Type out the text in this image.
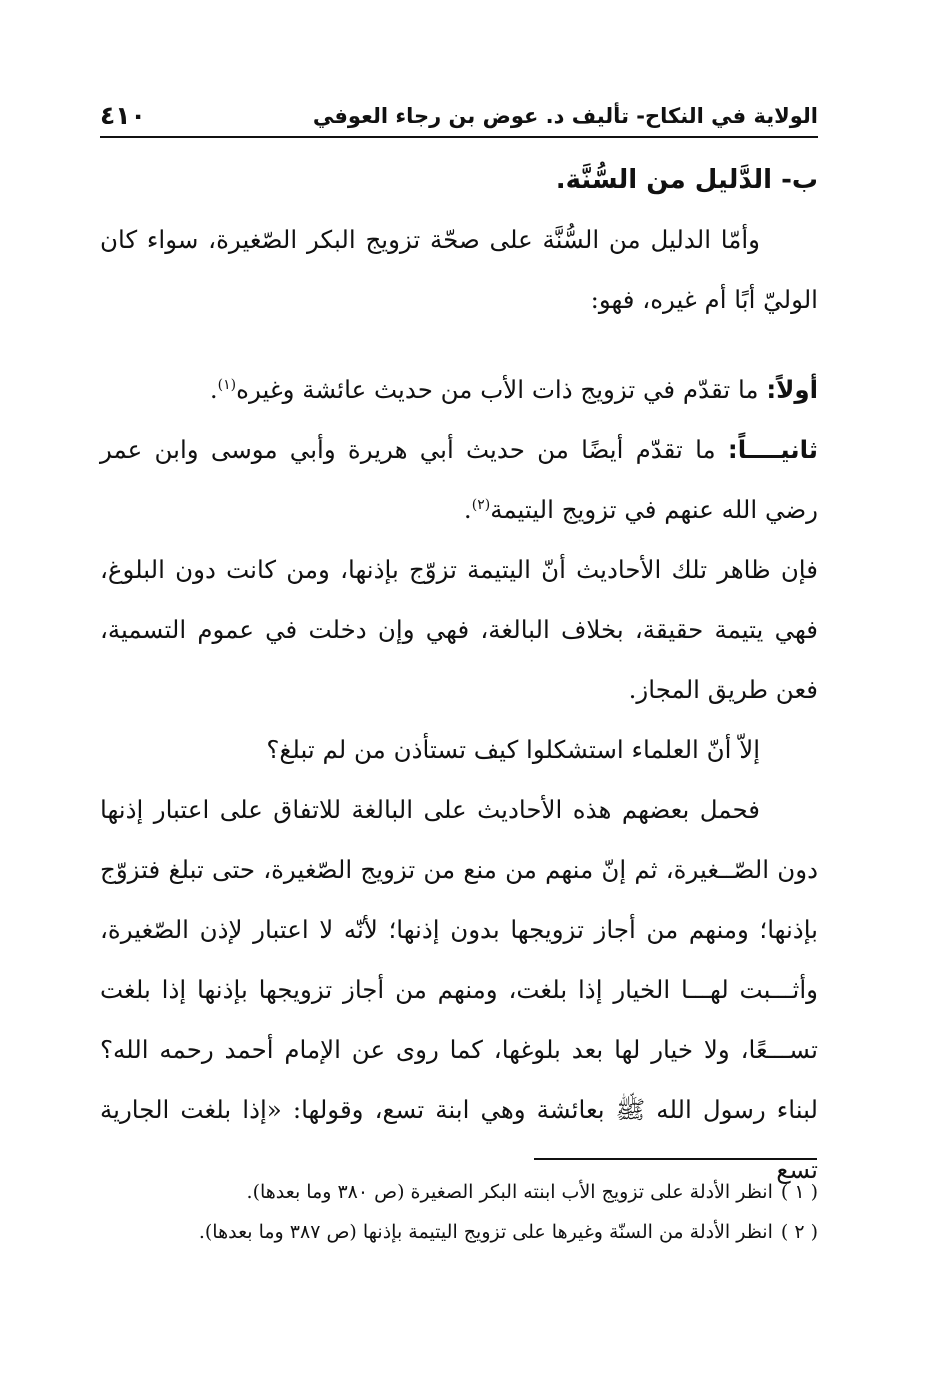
الولاية في النكاح- تأليف د. عوض بن رجاء العوفي
٤١٠

ب- الدَّليل من السُّنَّة.

وأمّا الدليل من السُّنَّة على صحّة تزويج البكر الصّغيرة، سواء كان الوليّ أبًا أم غيره، فهو:

أولاً: ما تقدّم في تزويج ذات الأب من حديث عائشة وغيره$^{(١)}$.

ثانيــــاً: ما تقدّم أيضًا من حديث أبي هريرة وأبي موسى وابن عمر رضي الله عنهم في تزويج اليتيمة$^{(٢)}$.

فإن ظاهر تلك الأحاديث أنّ اليتيمة تزوّج بإذنها، ومن كانت دون البلوغ، فهي يتيمة حقيقة، بخلاف البالغة، فهي وإن دخلت في عموم التسمية، فعن طريق المجاز.

إلاّ أنّ العلماء استشكلوا كيف تستأذن من لم تبلغ؟

فحمل بعضهم هذه الأحاديث على البالغة للاتفاق على اعتبار إذنها دون الصّــغيرة، ثم إنّ منهم من منع من تزويج الصّغيرة، حتى تبلغ فتزوّج بإذنها؛ ومنهم من أجاز تزويجها بدون إذنها؛ لأنّه لا اعتبار لإذن الصّغيرة، وأثـــبت لهـــا الخيار إذا بلغت، ومنهم من أجاز تزويجها بإذنها إذا بلغت تســـعًا، ولا خيار لها بعد بلوغها، كما روى عن الإمام أحمد رحمه الله؟ لبناء رسول الله ﷺ بعائشة وهي ابنة تسع، وقولها: «إذا بلغت الجارية تسع

( ١ )انظر الأدلة على تزويج الأب ابنته البكر الصغيرة (ص ٣٨٠ وما بعدها).

( ٢ )انظر الأدلة من السنّة وغيرها على تزويج اليتيمة بإذنها (ص ٣٨٧ وما بعدها).
